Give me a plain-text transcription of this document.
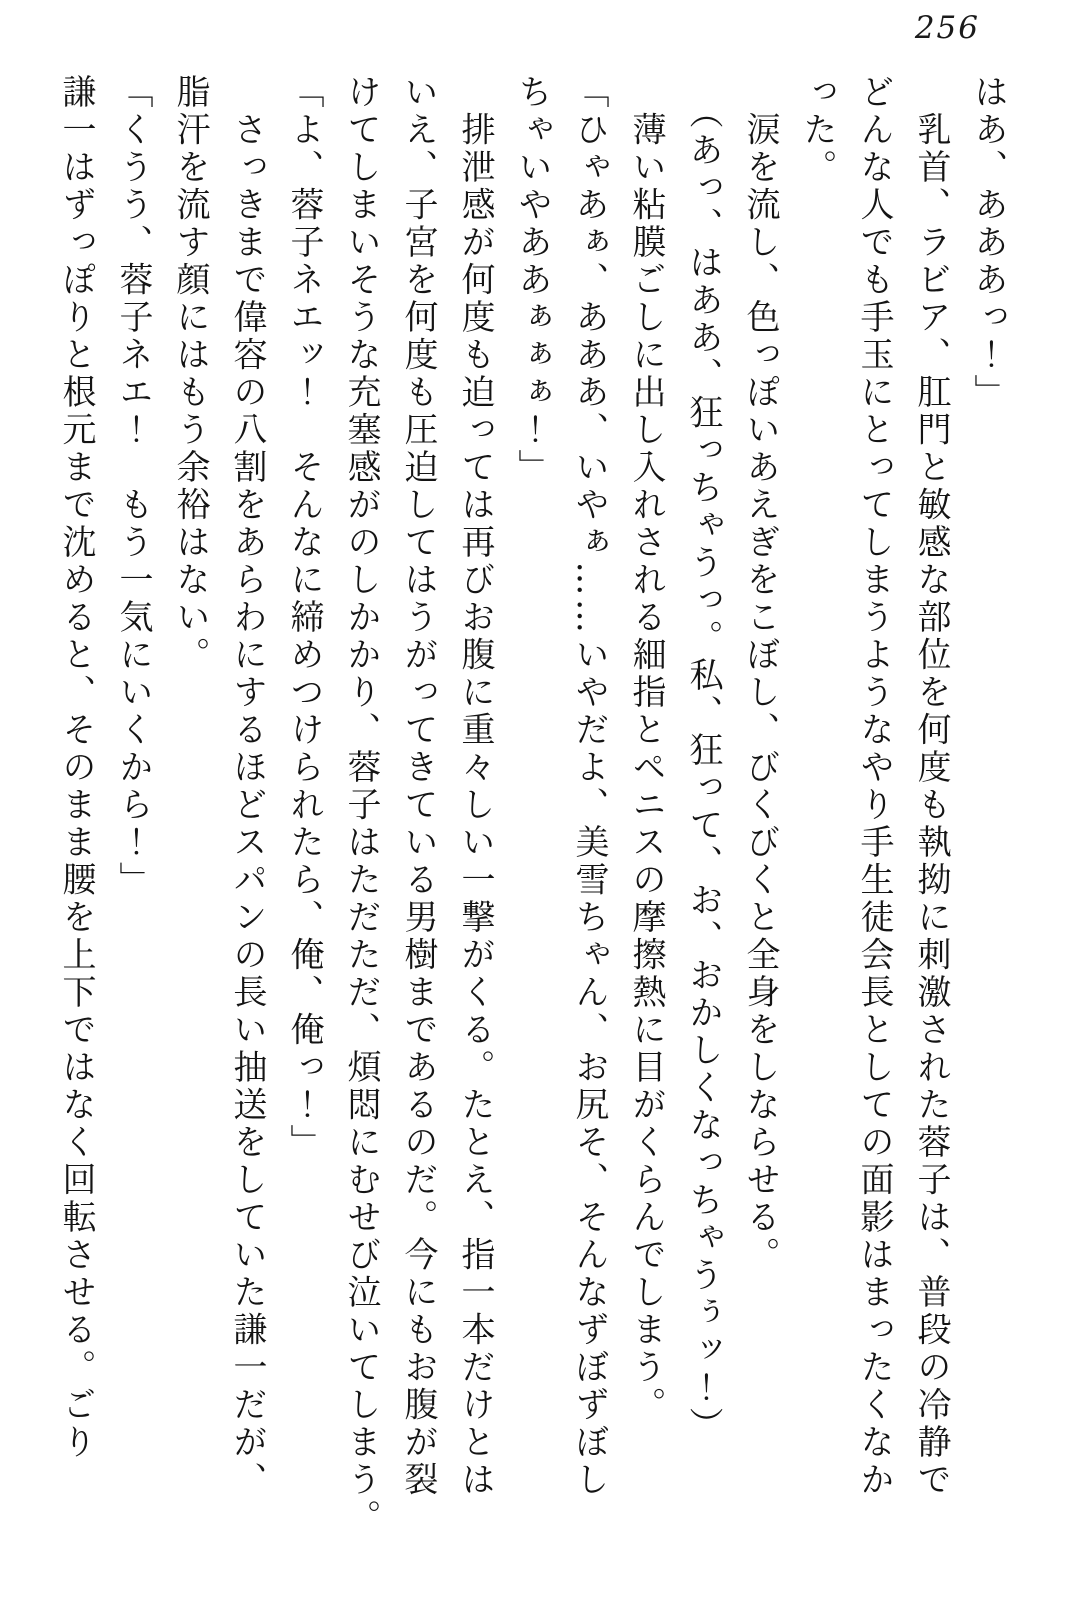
256

はあ、あああっ！」

　乳首、ラビア、肛門と敏感な部位を何度も執拗に刺激された蓉子は、普段の冷静で

どんな人でも手玉にとってしまうようなやり手生徒会長としての面影はまったくなか

った。

　涙を流し、色っぽいあえぎをこぼし、びくびくと全身をしならせる。

　（あっ、はああ、狂っちゃうっ。私、狂って、お、おかしくなっちゃうぅッ！）

　薄い粘膜ごしに出し入れされる細指とペニスの摩擦熱に目がくらんでしまう。

「ひゃあぁ、あああ、いやぁ……いやだよ、美雪ちゃん、お尻そ、そんなずぼずぼし

ちゃいやああぁぁぁ！」

　排泄感が何度も迫っては再びお腹に重々しい一撃がくる。たとえ、指一本だけとは

いえ、子宮を何度も圧迫してはうがってきている男樹まであるのだ。今にもお腹が裂

けてしまいそうな充塞感がのしかかり、蓉子はただただ、煩悶にむせび泣いてしまう。

「よ、蓉子ネエッ！　そんなに締めつけられたら、俺、俺っ！」

　さっきまで偉容の八割をあらわにするほどスパンの長い抽送をしていた謙一だが、

脂汗を流す顔にはもう余裕はない。

「くうう、蓉子ネエ！　もう一気にいくから！」

謙一はずっぽりと根元まで沈めると、そのまま腰を上下ではなく回転させる。ごり
